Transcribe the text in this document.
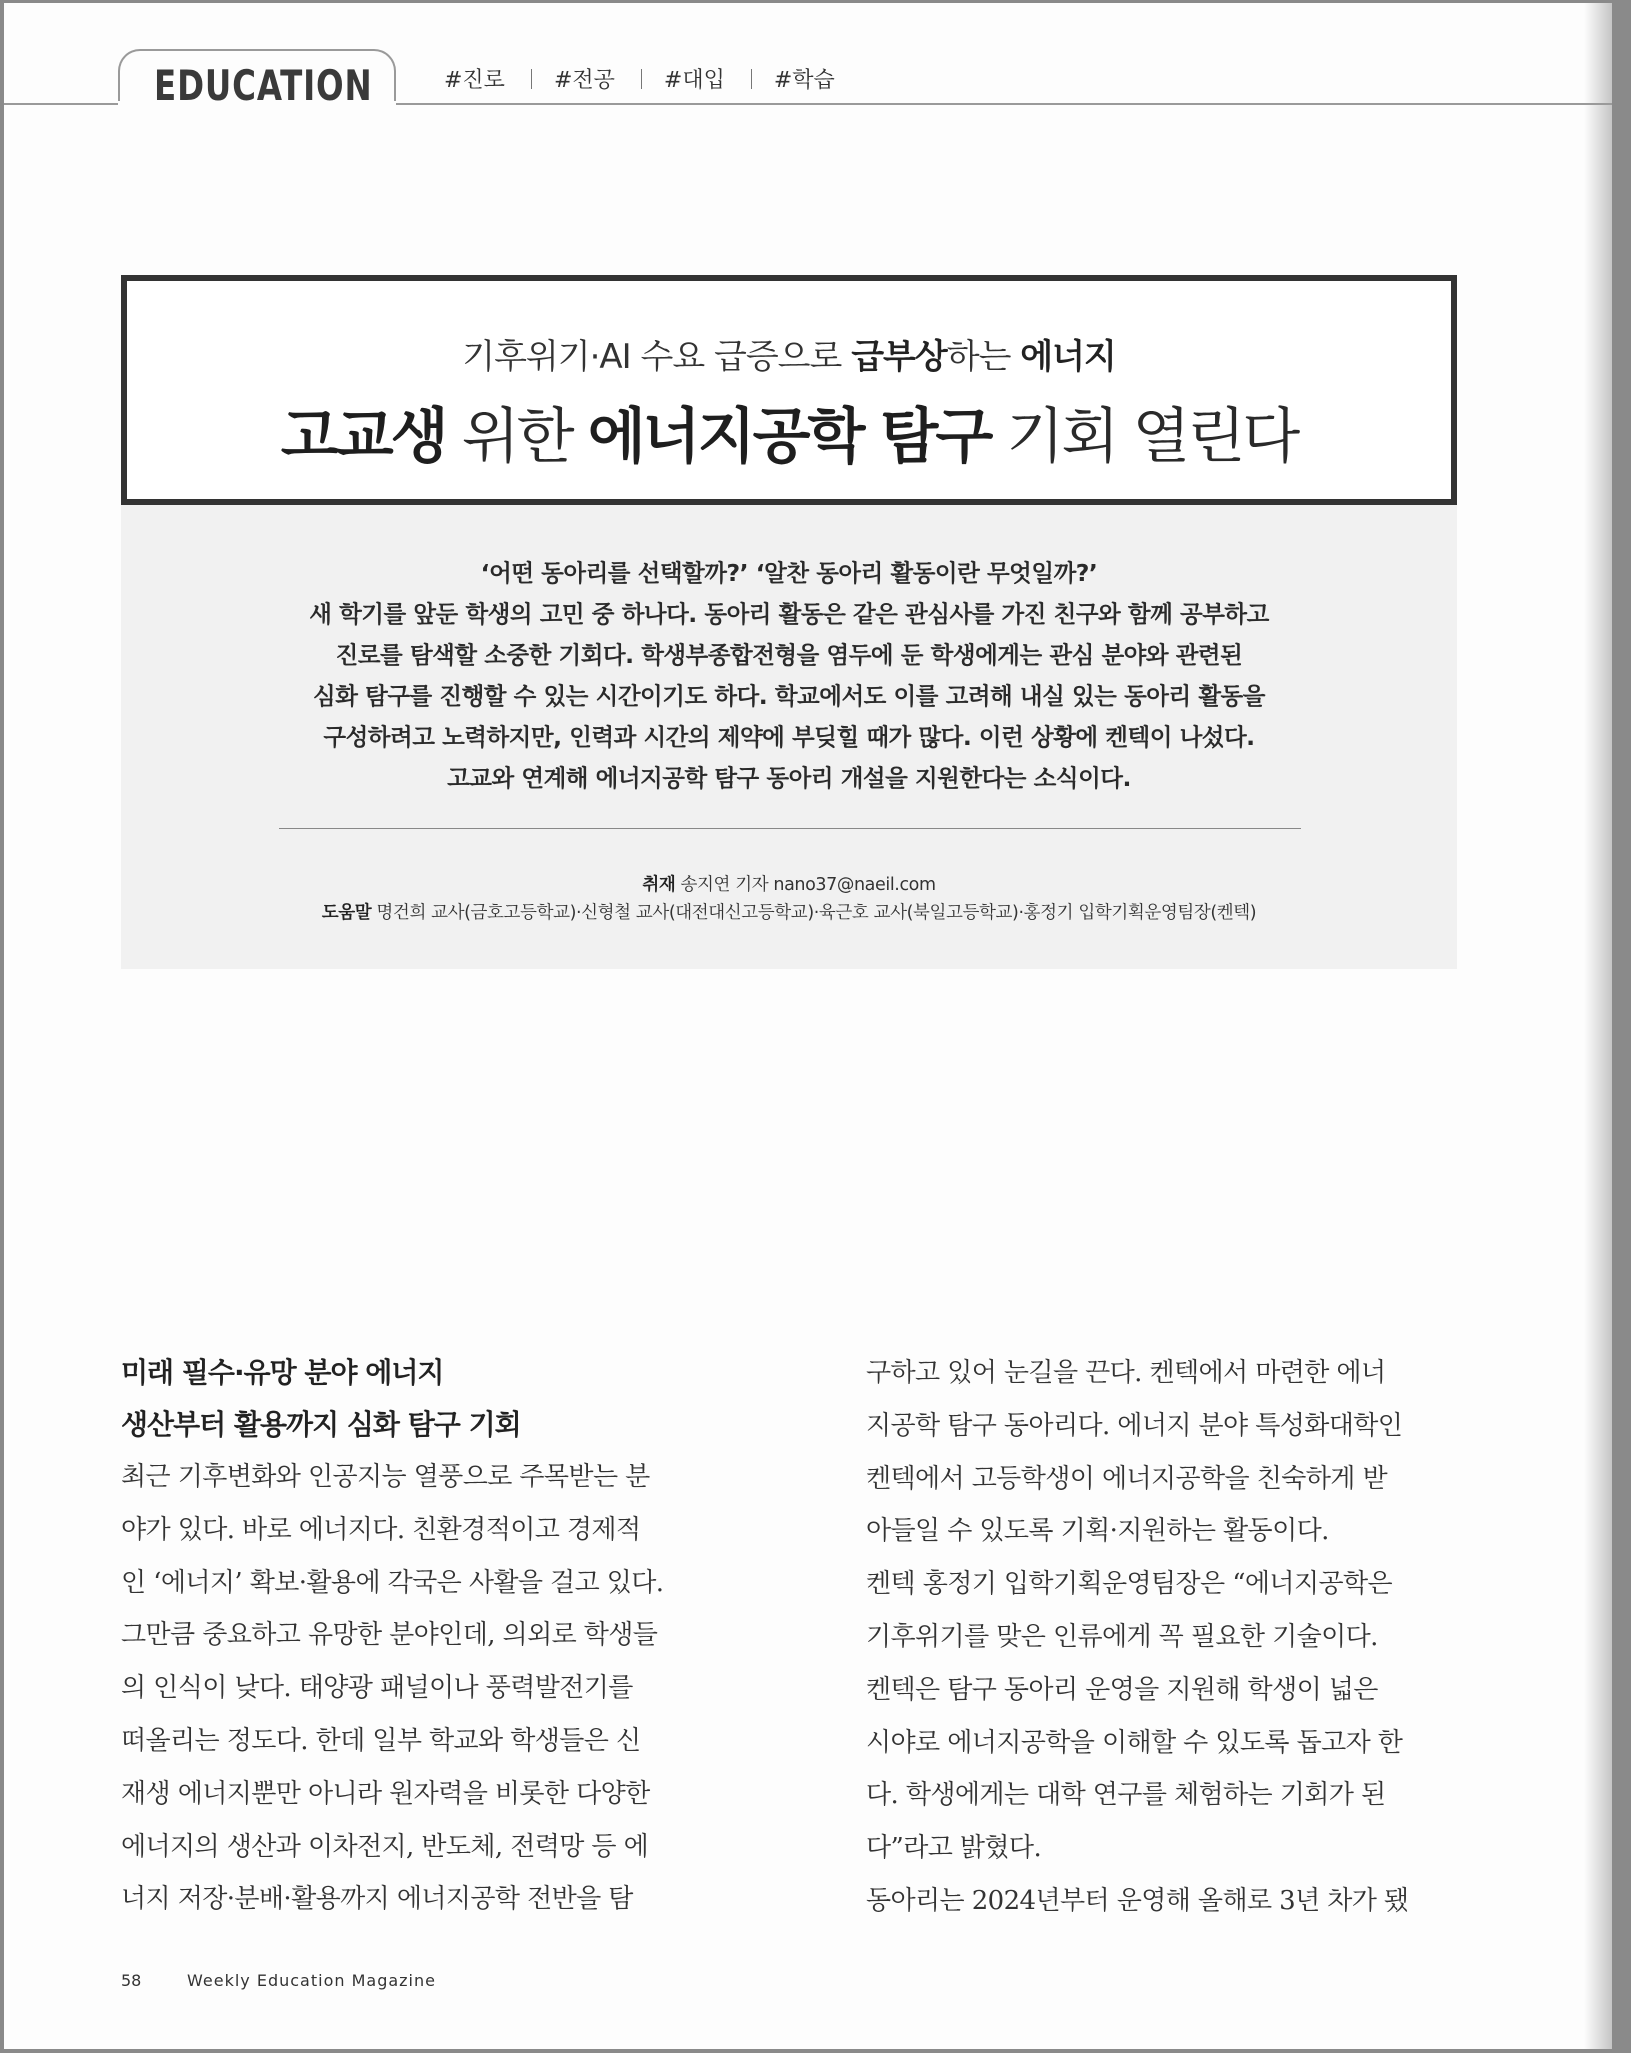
EDUCATION	#진로	#전공	#대입	#학습
기후위기·AI 수요 급증으로 급부상하는 에너지
고교생 위한 에너지공학 탐구 기회 열린다
‘어떤 동아리를 선택할까?’ ‘알찬 동아리 활동이란 무엇일까?’
새 학기를 앞둔 학생의 고민 중 하나다. 동아리 활동은 같은 관심사를 가진 친구와 함께 공부하고
진로를 탐색할 소중한 기회다. 학생부종합전형을 염두에 둔 학생에게는 관심 분야와 관련된
심화 탐구를 진행할 수 있는 시간이기도 하다. 학교에서도 이를 고려해 내실 있는 동아리 활동을
구성하려고 노력하지만, 인력과 시간의 제약에 부딪힐 때가 많다. 이런 상황에 켄텍이 나섰다.
고교와 연계해 에너지공학 탐구 동아리 개설을 지원한다는 소식이다.
취재 송지연 기자 nano37@naeil.com
도움말 명건희 교사(금호고등학교)·신형철 교사(대전대신고등학교)·육근호 교사(북일고등학교)·홍정기 입학기획운영팀장(켄텍)
미래 필수·유망 분야 에너지
생산부터 활용까지 심화 탐구 기회
최근 기후변화와 인공지능 열풍으로 주목받는 분
야가 있다. 바로 에너지다. 친환경적이고 경제적
인 ‘에너지’ 확보·활용에 각국은 사활을 걸고 있다.
그만큼 중요하고 유망한 분야인데, 의외로 학생들
의 인식이 낮다. 태양광 패널이나 풍력발전기를
떠올리는 정도다. 한데 일부 학교와 학생들은 신
재생 에너지뿐만 아니라 원자력을 비롯한 다양한
에너지의 생산과 이차전지, 반도체, 전력망 등 에
너지 저장·분배·활용까지 에너지공학 전반을 탐
구하고 있어 눈길을 끈다. 켄텍에서 마련한 에너
지공학 탐구 동아리다. 에너지 분야 특성화대학인
켄텍에서 고등학생이 에너지공학을 친숙하게 받
아들일 수 있도록 기획·지원하는 활동이다.
켄텍 홍정기 입학기획운영팀장은 “에너지공학은
기후위기를 맞은 인류에게 꼭 필요한 기술이다.
켄텍은 탐구 동아리 운영을 지원해 학생이 넓은
시야로 에너지공학을 이해할 수 있도록 돕고자 한
다. 학생에게는 대학 연구를 체험하는 기회가 된
다”라고 밝혔다.
동아리는 2024년부터 운영해 올해로 3년 차가 됐
58	Weekly Education Magazine
